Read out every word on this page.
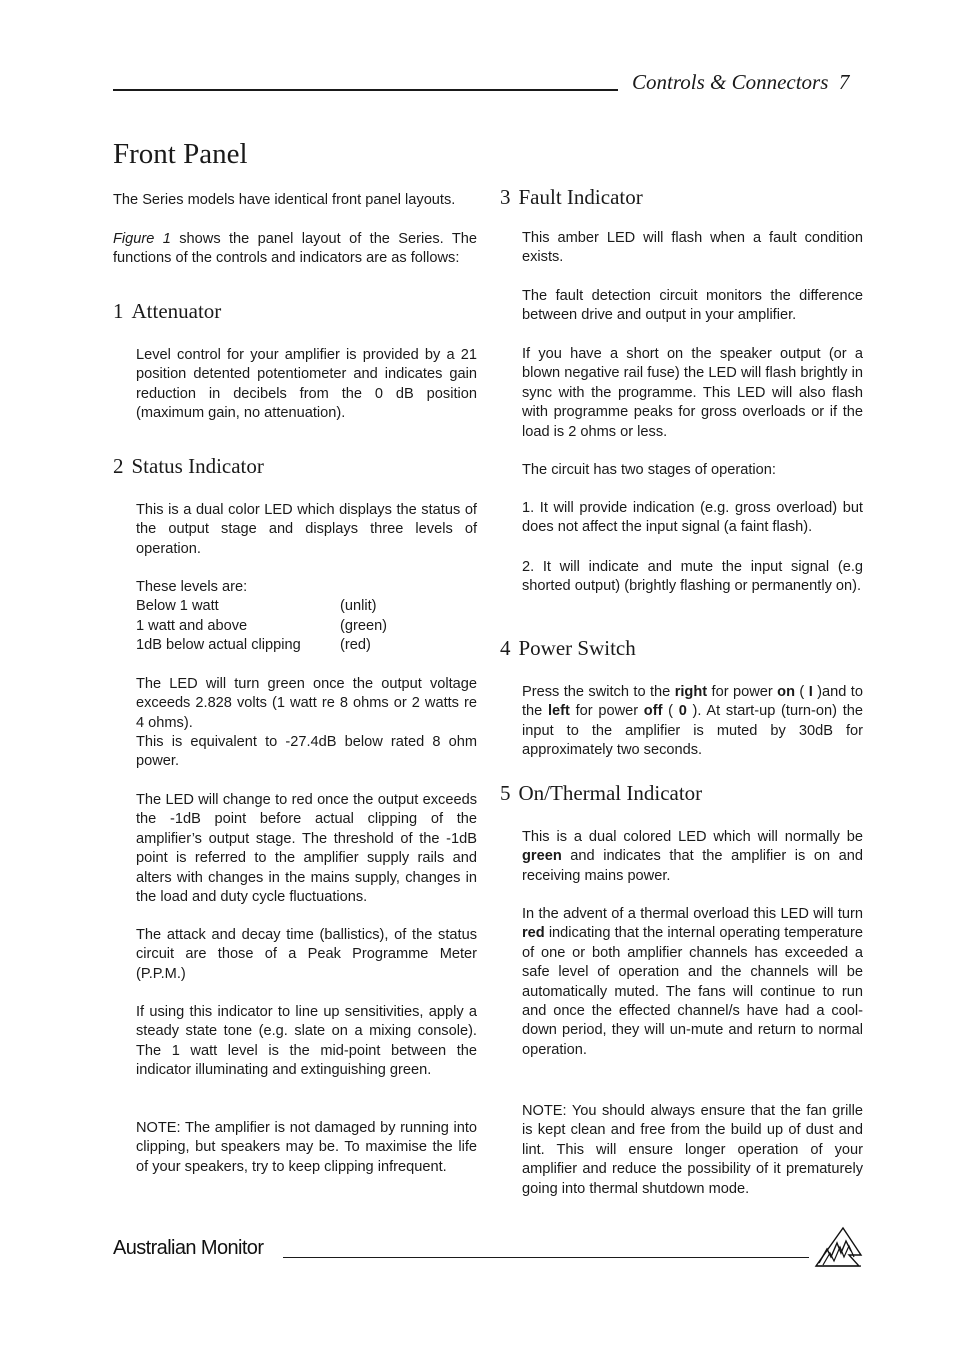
Controls & Connectors 7
Front Panel

The Series models have identical front panel layouts.

Figure 1 shows the panel layout of the Series. The functions of the controls and indicators are as follows:

1 Attenuator

Level control for your amplifier is provided by a 21 position detented potentiometer and indicates gain reduction in decibels from the 0 dB position (maximum gain, no attenuation).

2 Status Indicator

This is a dual color LED which displays the status of the output stage and displays three levels of operation.

These levels are:

Below 1 watt	(unlit)
1 watt and above	(green)
1dB below actual clipping	(red)

The LED will turn green once the output voltage exceeds 2.828 volts (1 watt re 8 ohms or 2 watts re 4 ohms).

This is equivalent to -27.4dB below rated 8 ohm power.

The LED will change to red once the output exceeds the -1dB point before actual clipping of the amplifier’s output stage. The threshold of the -1dB point is referred to the amplifier supply rails and alters with changes in the mains supply, changes in the load and duty cycle fluctuations.

The attack and decay time (ballistics), of the status circuit are those of a Peak Programme Meter (P.P.M.)

If using this indicator to line up sensitivities, apply a steady state tone (e.g. slate on a mixing console). The 1 watt level is the mid-point between the indicator illuminating and extinguishing green.

NOTE: The amplifier is not damaged by running into clipping, but speakers may be. To maximise the life of your speakers, try to keep clipping infrequent.

3 Fault Indicator

This amber LED will flash when a fault condition exists.

The fault detection circuit monitors the difference between drive and output in your amplifier.

If you have a short on the speaker output (or a blown negative rail fuse) the LED will flash brightly in sync with the programme. This LED will also flash with programme peaks for gross overloads or if the load is 2 ohms or less.

The circuit has two stages of operation:

1. It will provide indication (e.g. gross overload) but does not affect the input signal (a faint flash).

2. It will indicate and mute the input signal (e.g shorted output) (brightly flashing or permanently on).

4 Power Switch

Press the switch to the right for power on ( I )and to the left for power off ( 0 ). At start-up (turn-on) the input to the amplifier is muted by 30dB for approximately two seconds.

5 On/Thermal Indicator

This is a dual colored LED which will normally be green and indicates that the amplifier is on and receiving mains power.

In the advent of a thermal overload this LED will turn red indicating that the internal operating temperature of one or both amplifier channels has exceeded a safe level of operation and the channels will be automatically muted. The fans will continue to run and once the effected channel/s have had a cool-down period, they will un-mute and return to normal operation.

NOTE: You should always ensure that the fan grille is kept clean and free from the build up of dust and lint. This will ensure longer operation of your amplifier and reduce the possibility of it prematurely going into thermal shutdown mode.

Australian Monitor
